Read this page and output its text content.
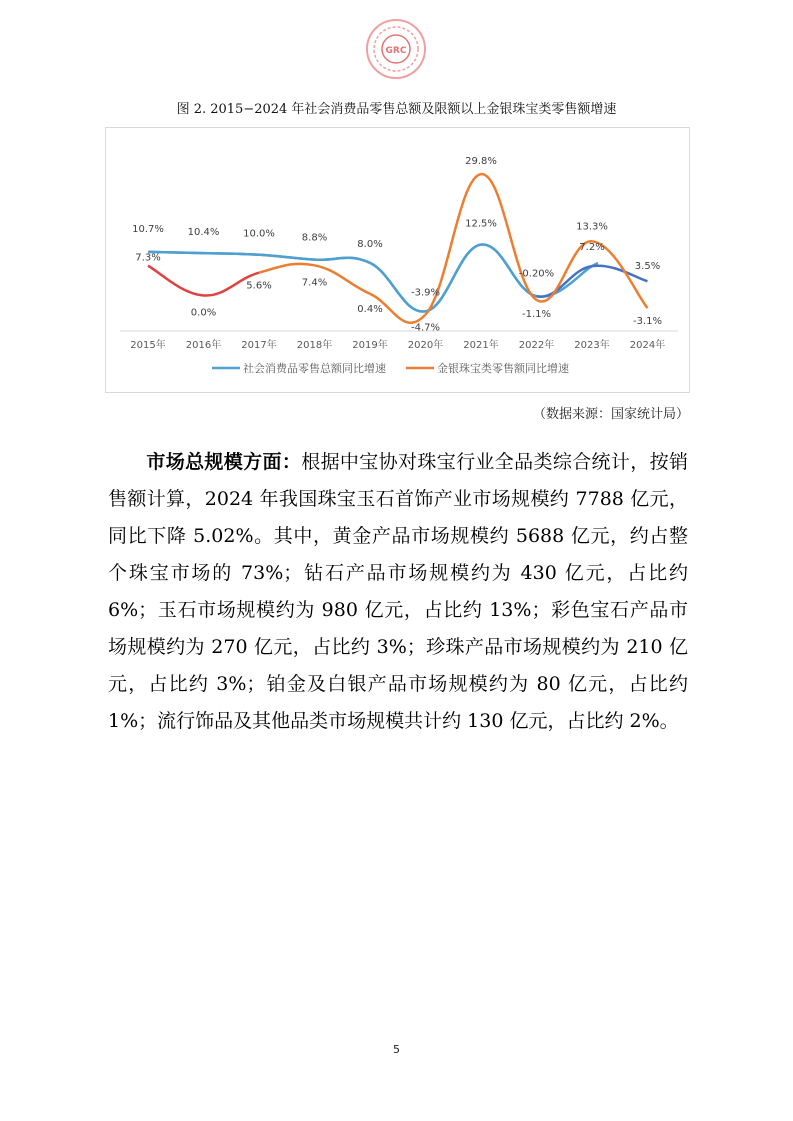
GRC
图 2. 2015−2024 年社会消费品零售总额及限额以上金银珠宝类零售额增速
2015年 2016年 2017年 2018年 2019年 2020年 2021年 2022年 2023年 2024年
10.7% 10.4% 10.0%	8.8%
8.0%
-3.9%
12.5%
-0.20%
7.2%
3.5%
7.3%
0.0%
5.6%	7.4%
0.4%
-4.7%
29.8%
-1.1%
13.3%
-3.1%
社会消费品零售总额同比增速	金银珠宝类零售额同比增速
（数据来源：国家统计局）
市场总规模方面：根据中宝协对珠宝行业全品类综合统计，按销售额计算，2024 年我国珠宝玉石首饰产业市场规模约 7788 亿元，同比下降 5.02%。其中，黄金产品市场规模约 5688 亿元，约占整个珠宝市场的 73%；钻石产品市场规模约为 430 亿元，占比约 6%；玉石市场规模约为 980 亿元，占比约 13%；彩色宝石产品市场规模约为 270 亿元，占比约 3%；珍珠产品市场规模约为 210 亿元，占比约 3%；铂金及白银产品市场规模约为 80 亿元，占比约 1%；流行饰品及其他品类市场规模共计约 130 亿元，占比约 2%。
5
